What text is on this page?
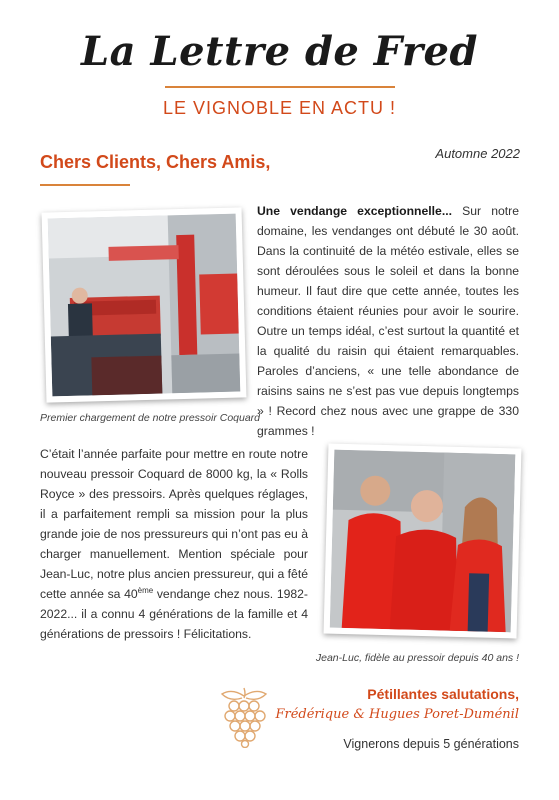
La Lettre de Fred
LE VIGNOBLE EN ACTU !
Chers Clients, Chers Amis,	Automne 2022
Premier chargement de notre pressoir Coquard
Une vendange exceptionnelle... Sur notre domaine, les vendanges ont débuté le 30 août. Dans la continuité de la météo estivale, elles se sont déroulées sous le soleil et dans la bonne humeur. Il faut dire que cette année, toutes les conditions étaient réunies pour avoir le sourire. Outre un temps idéal, c’est surtout la quantité et la qualité du raisin qui étaient remarquables. Paroles d’anciens, « une telle abondance de raisins sains ne s’est pas vue depuis longtemps » ! Record chez nous avec une grappe de 330 grammes !
C’était l’année parfaite pour mettre en route notre nouveau pressoir Coquard de 8000 kg, la « Rolls Royce » des pressoirs. Après quelques réglages, il a parfaitement rempli sa mission pour la plus grande joie de nos pressureurs qui n’ont pas eu à charger manuellement. Mention spéciale pour Jean-Luc, notre plus ancien pressureur, qui a fêté cette année sa 40ème vendange chez nous. 1982-2022... il a connu 4 générations de la famille et 4 générations de pressoirs ! Félicitations.
Jean-Luc, fidèle au pressoir depuis 40 ans !
Pétillantes salutations,
Frédérique & Hugues Poret-Duménil
Vignerons depuis 5 générations
